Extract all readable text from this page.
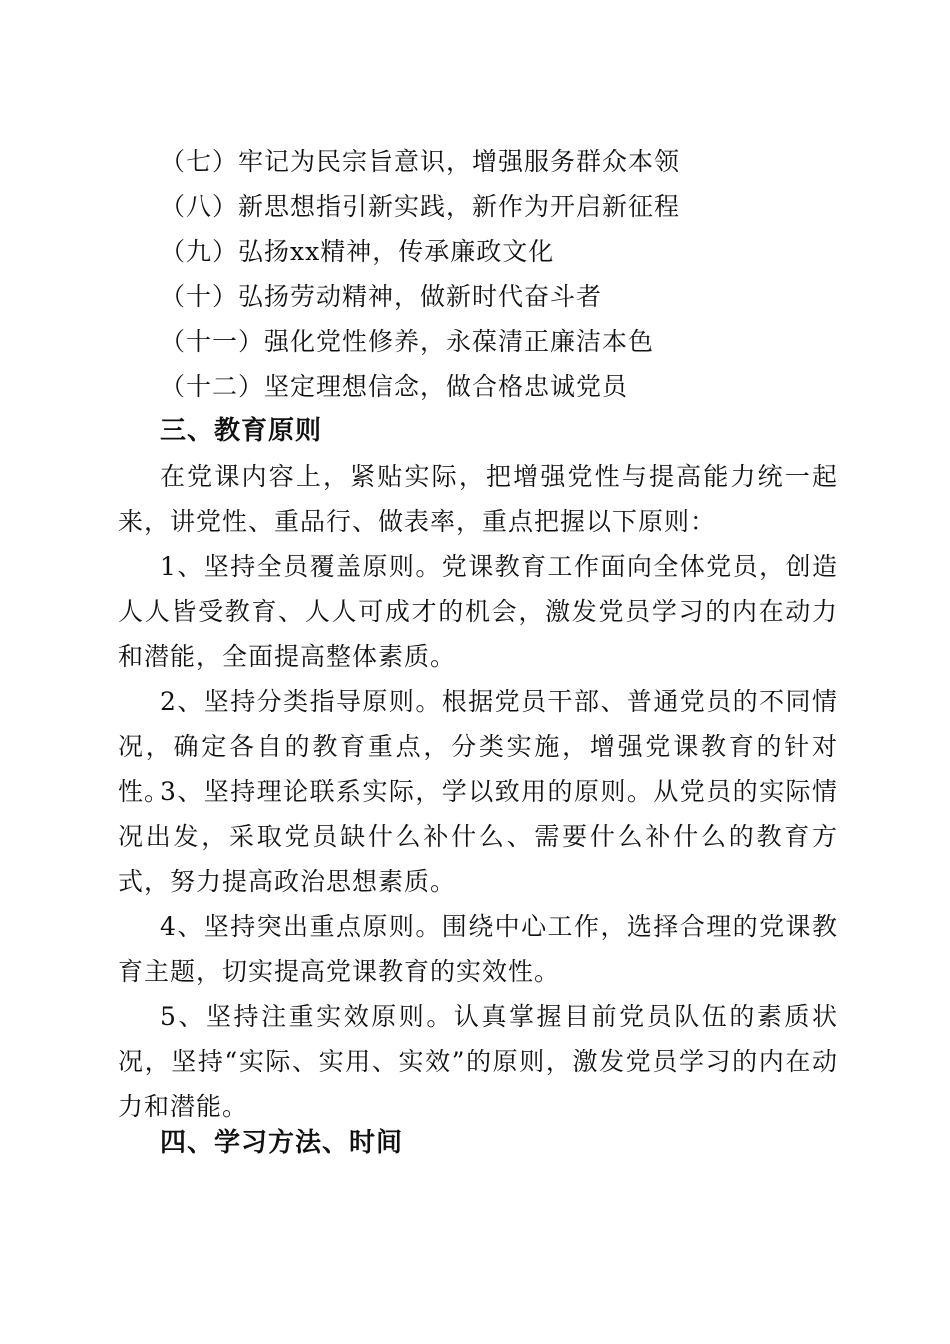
（七）牢记为民宗旨意识，增强服务群众本领
（八）新思想指引新实践，新作为开启新征程
（九）弘扬xx精神，传承廉政文化
（十）弘扬劳动精神，做新时代奋斗者
（十一）强化党性修养，永葆清正廉洁本色
（十二）坚定理想信念，做合格忠诚党员
三、教育原则

在党课内容上，紧贴实际，把增强党性与提高能力统一起来，讲党性、重品行、做表率，重点把握以下原则：

1、坚持全员覆盖原则。党课教育工作面向全体党员，创造人人皆受教育、人人可成才的机会，激发党员学习的内在动力和潜能，全面提高整体素质。

2、坚持分类指导原则。根据党员干部、普通党员的不同情况，确定各自的教育重点，分类实施，增强党课教育的针对性。

3、坚持理论联系实际，学以致用的原则。从党员的实际情况出发，采取党员缺什么补什么、需要什么补什么的教育方式，努力提高政治思想素质。

4、坚持突出重点原则。围绕中心工作，选择合理的党课教育主题，切实提高党课教育的实效性。

5、坚持注重实效原则。认真掌握目前党员队伍的素质状况，坚持“实际、实用、实效”的原则，激发党员学习的内在动力和潜能。

四、学习方法、时间
